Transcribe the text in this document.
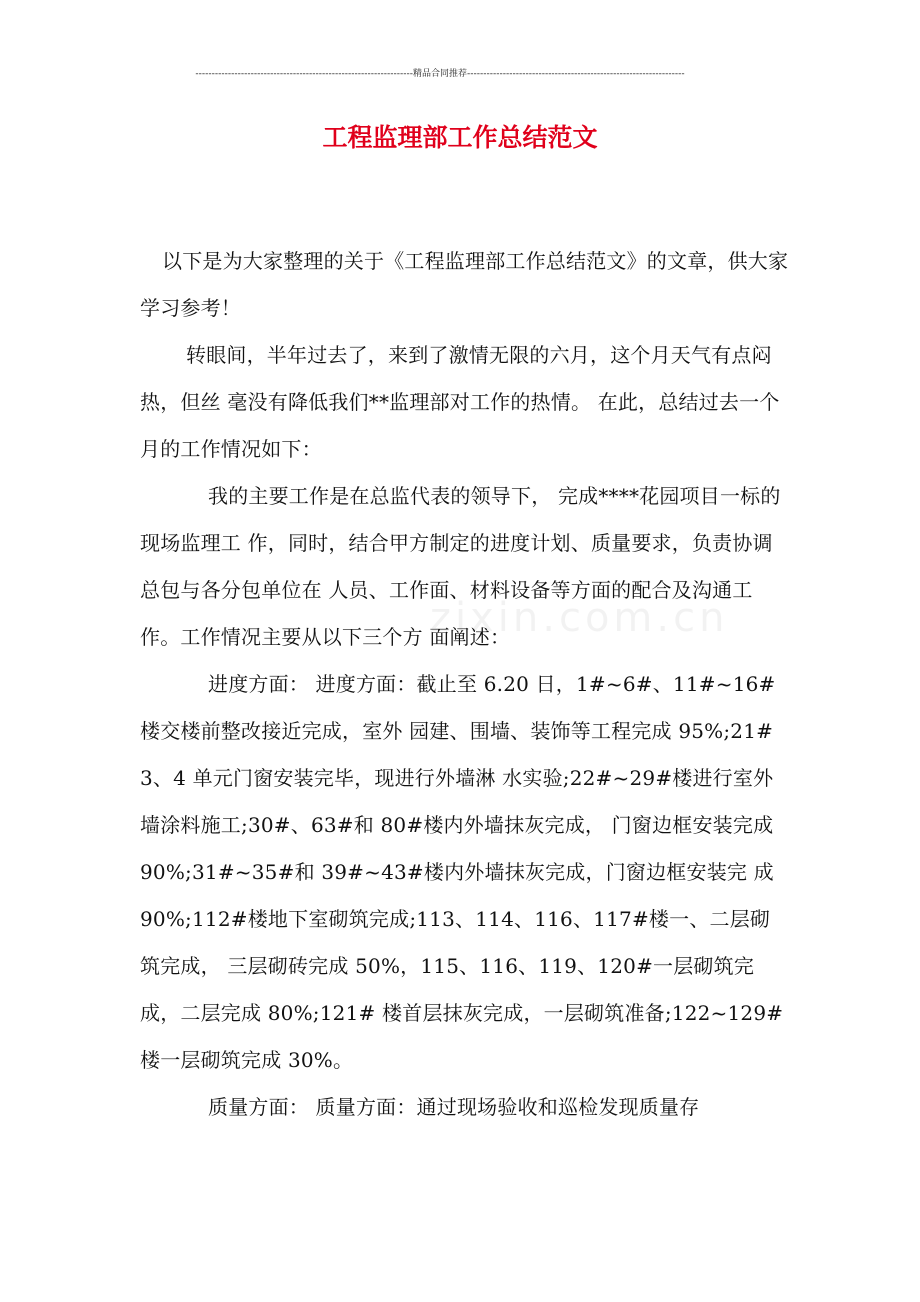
-------------------------------------------------------------------精品合同推荐-------------------------------------------------------------------
工程监理部工作总结范文
zixin.com.cn

以下是为大家整理的关于《工程监理部工作总结范文》的文章，供大家学习参考！

转眼间，半年过去了，来到了激情无限的六月，这个月天气有点闷热，但丝 毫没有降低我们**监理部对工作的热情。 在此，总结过去一个月的工作情况如下：

我的主要工作是在总监代表的领导下， 完成****花园项目一标的现场监理工 作，同时，结合甲方制定的进度计划、质量要求，负责协调总包与各分包单位在 人员、工作面、材料设备等方面的配合及沟通工作。工作情况主要从以下三个方 面阐述：

进度方面： 进度方面：截止至 6.20 日，1#~6#、11#~16#楼交楼前整改接近完成，室外 园建、围墙、装饰等工程完成 95%;21#3、4 单元门窗安装完毕，现进行外墙淋 水实验;22#~29#楼进行室外墙涂料施工;30#、63#和 80#楼内外墙抹灰完成， 门窗边框安装完成 90%;31#~35#和 39#~43#楼内外墙抹灰完成，门窗边框安装完 成 90%;112#楼地下室砌筑完成;113、114、116、117#楼一、二层砌筑完成， 三层砌砖完成 50%，115、116、119、120#一层砌筑完成，二层完成 80%;121# 楼首层抹灰完成，一层砌筑准备;122~129#楼一层砌筑完成 30%。

质量方面： 质量方面：通过现场验收和巡检发现质量存
